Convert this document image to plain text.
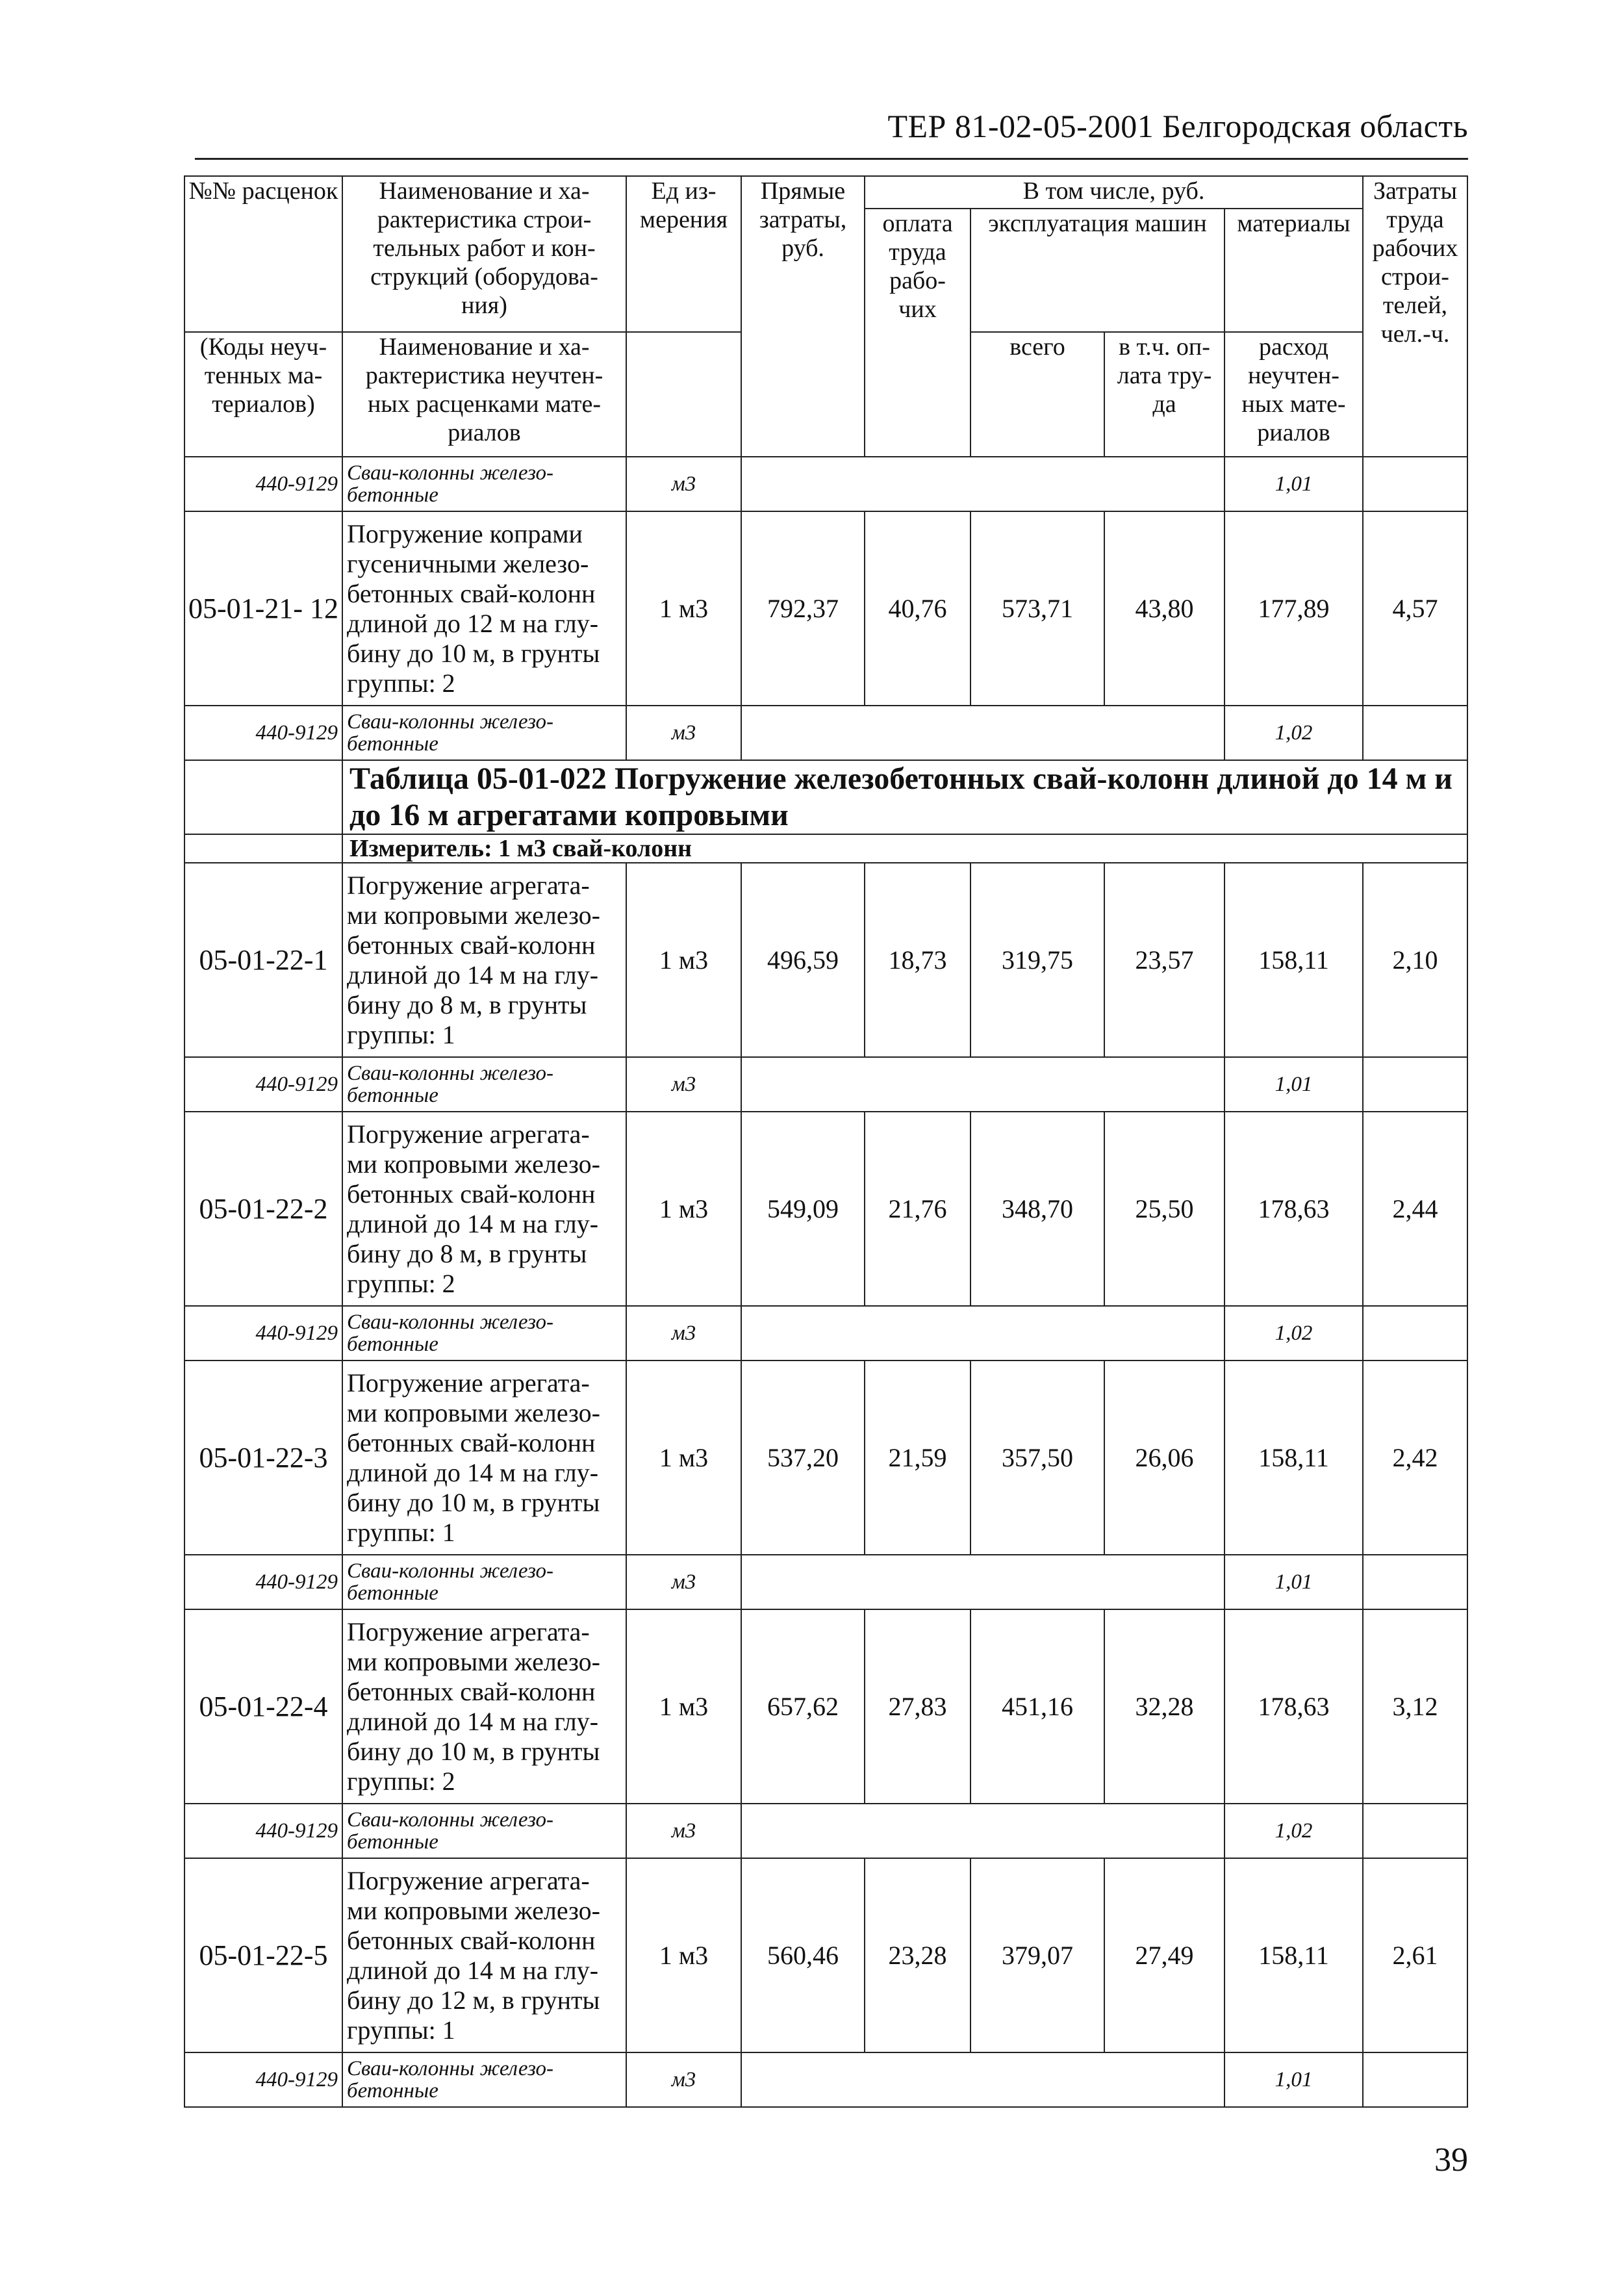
ТЕР 81-02-05-2001 Белгородская область
№№ расценок	Наименование и ха- рактеристика строи- тельных работ и кон- струкций (оборудова- ния)	Ед из- мерения	Прямые затраты, руб.	В том числе, руб.				Затраты труда рабочих строи- телей, чел.-ч.
				оплата труда рабо- чих	эксплуатация машин		материалы	
(Коды неуч- тенных ма- териалов)	Наименование и ха- рактеристика неучтен- ных расценками мате- риалов				всего	в т.ч. оп- лата тру- да	расход неучтен- ных мате- риалов	
440-9129	Сваи-колонны железо- бетонные	м3					1,01	
05-01-21- 12	Погружение копрами гусеничными железо- бетонных свай-колонн длиной до 12 м на глу- бину до 10 м, в грунты группы: 2	1 м3	792,37	40,76	573,71	43,80	177,89	4,57
440-9129	Сваи-колонны железо- бетонные	м3					1,02	
	Таблица 05-01-022 Погружение железобетонных свай-колонн длиной до 14 м и до 16 м агрегатами копровыми							
	Измеритель: 1 м3 свай-колонн							
05-01-22-1	Погружение агрегата- ми копровыми железо- бетонных свай-колонн длиной до 14 м на глу- бину до 8 м, в грунты группы: 1	1 м3	496,59	18,73	319,75	23,57	158,11	2,10
440-9129	Сваи-колонны железо- бетонные	м3					1,01	
05-01-22-2	Погружение агрегата- ми копровыми железо- бетонных свай-колонн длиной до 14 м на глу- бину до 8 м, в грунты группы: 2	1 м3	549,09	21,76	348,70	25,50	178,63	2,44
440-9129	Сваи-колонны железо- бетонные	м3					1,02	
05-01-22-3	Погружение агрегата- ми копровыми железо- бетонных свай-колонн длиной до 14 м на глу- бину до 10 м, в грунты группы: 1	1 м3	537,20	21,59	357,50	26,06	158,11	2,42
440-9129	Сваи-колонны железо- бетонные	м3					1,01	
05-01-22-4	Погружение агрегата- ми копровыми железо- бетонных свай-колонн длиной до 14 м на глу- бину до 10 м, в грунты группы: 2	1 м3	657,62	27,83	451,16	32,28	178,63	3,12
440-9129	Сваи-колонны железо- бетонные	м3					1,02	
05-01-22-5	Погружение агрегата- ми копровыми железо- бетонных свай-колонн длиной до 14 м на глу- бину до 12 м, в грунты группы: 1	1 м3	560,46	23,28	379,07	27,49	158,11	2,61
440-9129	Сваи-колонны железо- бетонные	м3					1,01	
39
